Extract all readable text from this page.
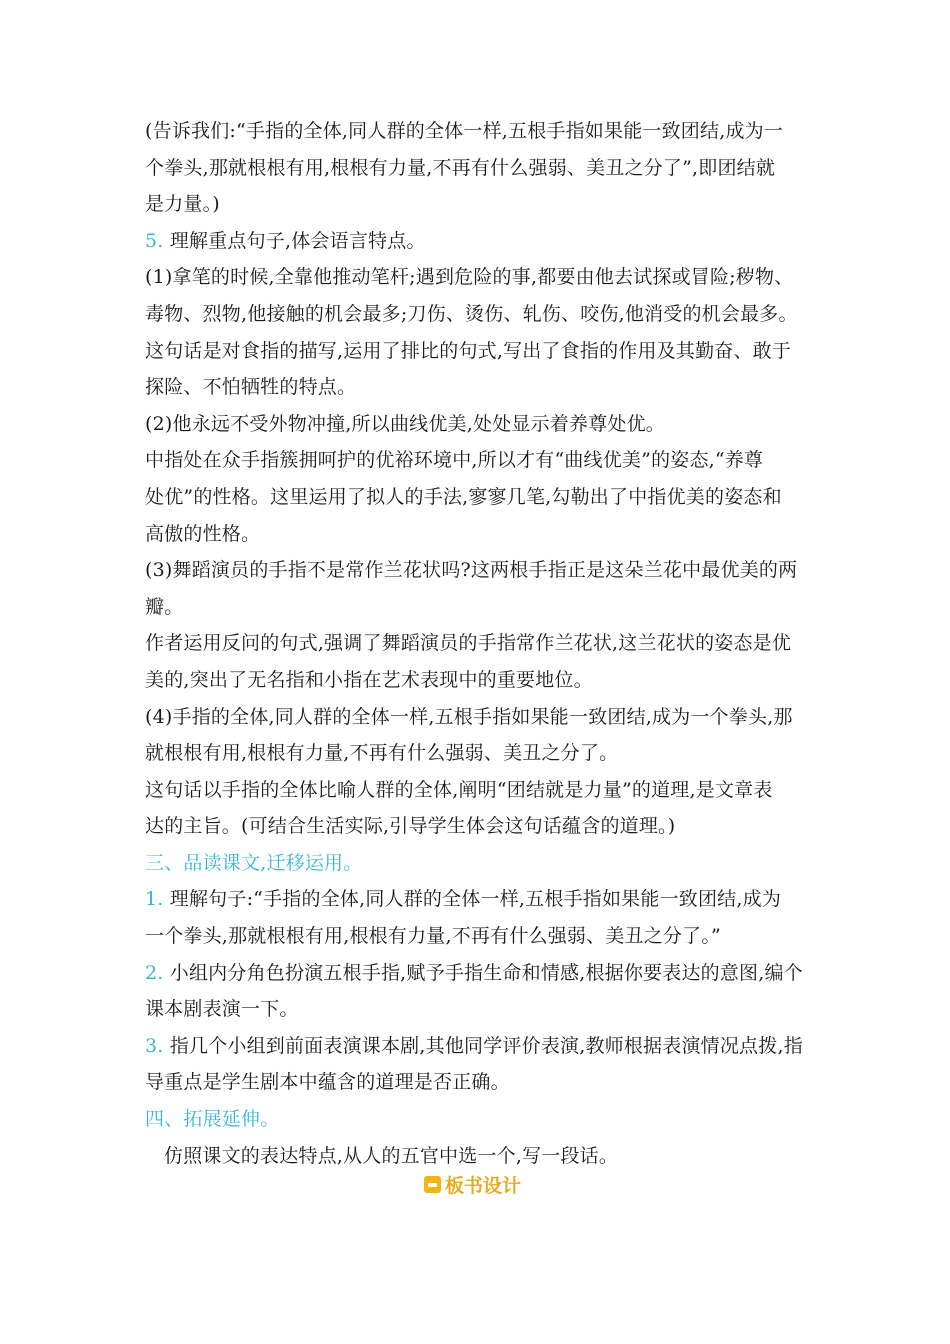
(告诉我们:“手指的全体,同人群的全体一样,五根手指如果能一致团结,成为一
个拳头,那就根根有用,根根有力量,不再有什么强弱、美丑之分了”,即团结就
是力量。)
5. 理解重点句子,体会语言特点。
(1)拿笔的时候,全靠他推动笔杆;遇到危险的事,都要由他去试探或冒险;秽物、
毒物、烈物,他接触的机会最多;刀伤、烫伤、轧伤、咬伤,他消受的机会最多。
这句话是对食指的描写,运用了排比的句式,写出了食指的作用及其勤奋、敢于
探险、不怕牺牲的特点。
(2)他永远不受外物冲撞,所以曲线优美,处处显示着养尊处优。
中指处在众手指簇拥呵护的优裕环境中,所以才有“曲线优美”的姿态,“养尊
处优”的性格。这里运用了拟人的手法,寥寥几笔,勾勒出了中指优美的姿态和
高傲的性格。
(3)舞蹈演员的手指不是常作兰花状吗?这两根手指正是这朵兰花中最优美的两
瓣。
作者运用反问的句式,强调了舞蹈演员的手指常作兰花状,这兰花状的姿态是优
美的,突出了无名指和小指在艺术表现中的重要地位。
(4)手指的全体,同人群的全体一样,五根手指如果能一致团结,成为一个拳头,那
就根根有用,根根有力量,不再有什么强弱、美丑之分了。
这句话以手指的全体比喻人群的全体,阐明“团结就是力量”的道理,是文章表
达的主旨。(可结合生活实际,引导学生体会这句话蕴含的道理。)
三、品读课文,迁移运用。
1. 理解句子:“手指的全体,同人群的全体一样,五根手指如果能一致团结,成为
一个拳头,那就根根有用,根根有力量,不再有什么强弱、美丑之分了。”
2. 小组内分角色扮演五根手指,赋予手指生命和情感,根据你要表达的意图,编个
课本剧表演一下。
3. 指几个小组到前面表演课本剧,其他同学评价表演,教师根据表演情况点拨,指
导重点是学生剧本中蕴含的道理是否正确。
四、拓展延伸。
仿照课文的表达特点,从人的五官中选一个,写一段话。
板书设计
